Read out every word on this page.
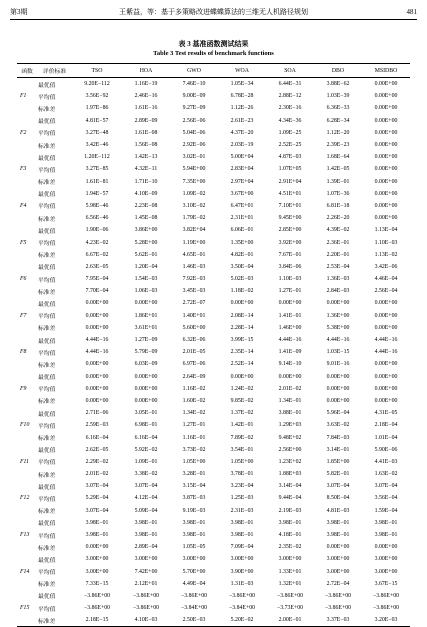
第3期	王紫益，等：基于多策略改进蝶蝶算法的三维无人机路径规划	481
表 3 基准函数测试结果
Table 3 Test results of benchmark functions
函数	评价标准	TSO	HOA	GWO	WOA	SOA	DBO	MSIDBO
	最优值	9.20E−112	1.16E−19	7.46E−10	1.05E−34	6.44E−31	3.88E−62	0.00E+00
F1	平均值	3.56E−92	2.46E−16	9.00E−09	6.78E−28	2.88E−12	1.03E−39	0.00E+00
	标准差	1.97E−86	1.61E−16	9.27E−09	1.12E−26	2.30E−16	6.36E−33	0.00E+00
	最优值	4.81E−57	2.89E−09	2.56E−06	2.61E−23	4.34E−36	6.28E−34	0.00E+00
F2	平均值	3.27E−48	1.61E−08	5.04E−06	4.37E−20	1.09E−25	1.12E−20	0.00E+00
	标准差	3.42E−46	1.56E−08	2.92E−06	2.03E−19	2.52E−25	2.39E−23	0.00E+00
	最优值	1.20E−112	1.42E−13	3.02E−01	5.00E+04	4.87E−03	1.68E−64	0.00E+00
F3	平均值	3.27E−85	4.32E−11	5.94E+00	2.83E+04	1.07E+05	1.42E−05	0.00E+00
	标准差	1.61E−81	1.71E−10	7.35E+00	2.97E+04	2.91E+04	1.39E−01	0.00E+00
	最优值	1.94E−57	4.10E−09	1.09E−02	3.67E+00	4.51E+01	1.07E−36	0.00E+00
F4	平均值	5.98E−46	2.23E−08	3.10E−02	6.47E+01	7.10E+01	6.81E−18	0.00E+00
	标准差	6.56E−46	1.45E−08	1.79E−02	2.31E+01	9.45E+00	2.26E−20	0.00E+00
	最优值	1.90E−06	3.86E+00	3.82E+04	6.06E−01	2.85E+00	4.39E−02	1.13E−04
F5	平均值	4.23E−02	5.28E+00	1.19E+00	1.35E+00	3.92E+00	2.36E−01	1.10E−03
	标准差	6.67E−02	5.62E−01	4.65E−01	4.82E−01	7.67E−01	2.20E−01	1.13E−02
	最优值	2.63E−05	1.20E−04	1.46E−03	3.50E−04	3.84E−06	2.53E−04	3.42E−06
F6	平均值	7.95E−04	1.54E−03	7.92E−03	5.02E−03	1.10E−03	1.36E−03	4.46E−04
	标准差	7.70E−04	1.06E−03	3.45E−03	1.18E−02	1.27E−01	2.84E−03	2.56E−04
	最优值	0.00E+00	0.00E+00	2.72E−07	0.00E+00	0.00E+00	0.00E+00	0.00E+00
F7	平均值	0.00E+00	1.86E+01	1.40E+01	2.08E−14	1.41E−01	1.36E+00	0.00E+00
	标准差	0.00E+00	3.61E+01	5.60E+00	2.28E−14	1.46E+00	5.38E+00	0.00E+00
	最优值	4.44E−16	1.27E−09	6.32E−06	3.99E−15	4.44E−16	4.44E−16	4.44E−16
F8	平均值	4.44E−16	5.79E−09	2.01E−05	2.35E−14	1.41E−09	1.03E−15	4.44E−16
	标准差	0.00E+00	6.03E−09	6.97E−06	2.52E−14	9.14E−10	9.01E−16	0.00E+00
	最优值	0.00E+00	0.00E+00	2.64E−09	0.00E+00	0.00E+00	0.00E+00	0.00E+00
F9	平均值	0.00E+00	0.00E+00	1.16E−02	1.24E−02	2.01E−02	0.00E+00	0.00E+00
	标准差	0.00E+00	0.00E+00	1.60E−02	9.85E−02	1.34E−01	0.00E+00	0.00E+00
	最优值	2.71E−06	3.05E−01	1.34E−02	1.37E−02	3.88E−01	5.96E−04	4.31E−05
F10	平均值	2.59E−03	6.98E−01	1.27E−01	1.42E−01	1.29E+03	3.63E−02	2.18E−04
	标准差	6.16E−04	6.16E−04	1.16E−01	7.89E−02	9.48E+02	7.84E−03	1.01E−04
	最优值	2.62E−05	5.92E−02	3.73E−02	3.54E−01	2.56E+00	3.14E−01	5.90E−06
F11	平均值	2.29E−02	1.09E−01	1.05E+00	1.05E+00	1.23E+02	1.85E+00	4.41E−03
	标准差	2.01E−02	3.38E−02	3.28E−01	3.78E−01	1.88E+03	5.82E−01	1.63E−02
	最优值	3.07E−04	3.07E−04	3.15E−04	3.23E−04	3.14E−04	3.07E−04	3.07E−04
F12	平均值	5.29E−04	4.12E−04	3.87E−03	1.25E−03	9.44E−04	8.50E−04	3.56E−04
	标准差	3.07E−04	5.09E−04	9.19E−03	2.31E−03	2.19E−03	4.81E−03	1.59E−04
	最优值	3.98E−01	3.98E−01	3.98E−01	3.98E−01	3.98E−01	3.98E−01	3.98E−01
F13	平均值	3.98E−01	3.98E−01	3.98E−01	3.98E−01	4.18E−01	3.98E−01	3.98E−01
	标准差	0.00E+00	2.89E−04	1.05E−05	7.09E−04	2.35E−02	0.00E+00	0.00E+00
	最优值	3.00E+00	3.00E+00	3.00E+00	3.00E+00	3.00E+00	3.00E+00	3.00E+00
F14	平均值	3.00E+00	7.42E+00	5.70E+00	3.90E+00	1.33E+01	3.00E+00	3.00E+00
	标准差	7.33E−15	2.12E+01	4.49E−04	1.31E−03	1.32E+01	2.72E−04	3.67E−15
	最优值	−3.86E+00	−3.86E+00	−3.86E+00	−3.86E+00	−3.86E+00	−3.86E+00	−3.86E+00
F15	平均值	−3.86E+00	−3.86E+00	−3.84E+00	−3.84E+00	−3.73E+00	−3.86E+00	−3.86E+00
	标准差	2.18E−15	4.10E−03	2.50E−03	5.20E−02	2.00E−01	3.37E−03	3.20E−03
